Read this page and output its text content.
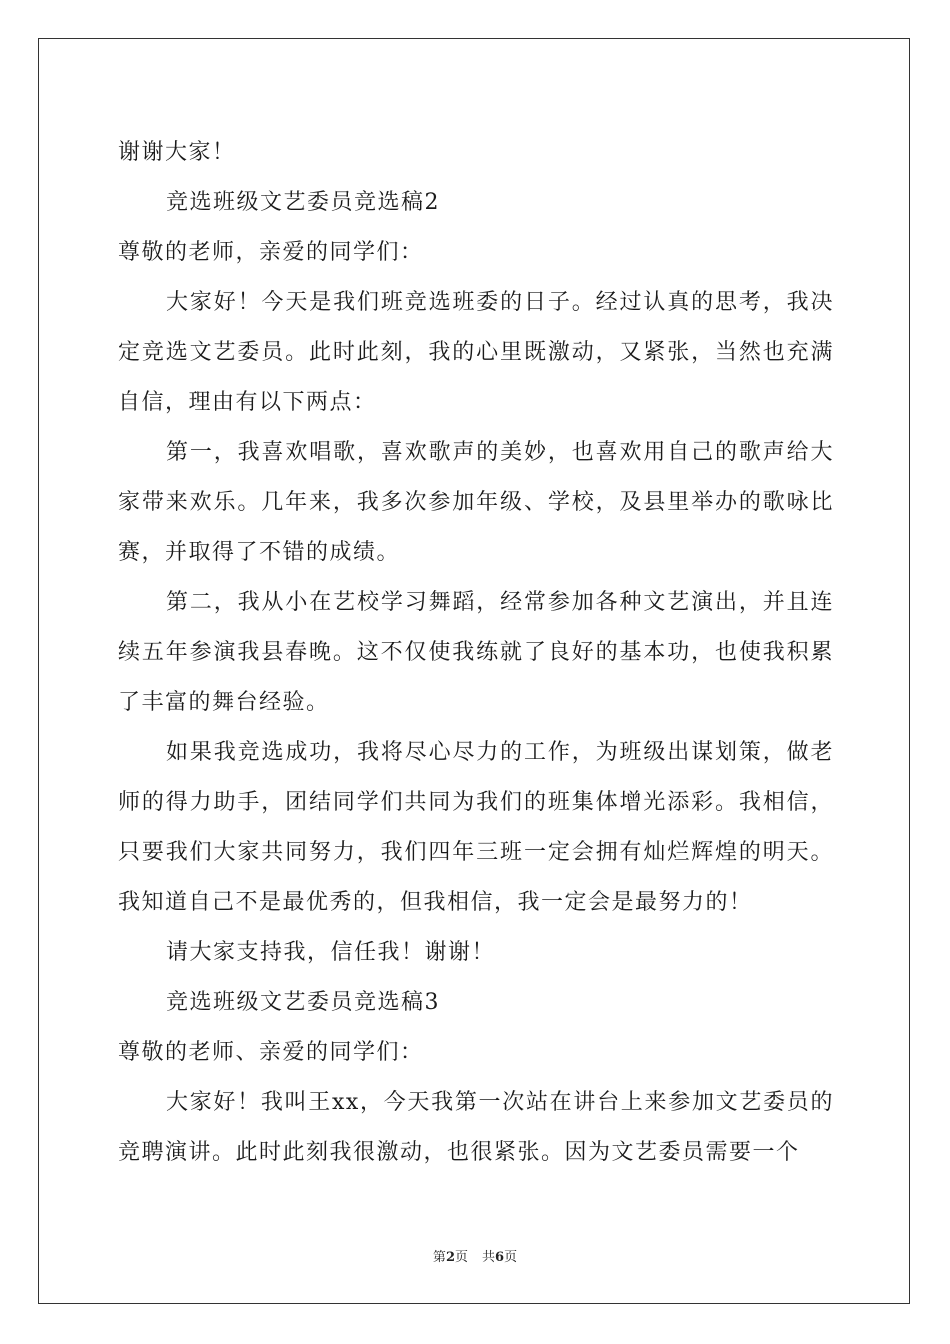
谢谢大家！

竞选班级文艺委员竞选稿2

尊敬的老师，亲爱的同学们：

大家好！今天是我们班竞选班委的日子。经过认真的思考，我决定竞选文艺委员。此时此刻，我的心里既激动，又紧张，当然也充满自信，理由有以下两点：

第一，我喜欢唱歌，喜欢歌声的美妙，也喜欢用自己的歌声给大家带来欢乐。几年来，我多次参加年级、学校，及县里举办的歌咏比赛，并取得了不错的成绩。

第二，我从小在艺校学习舞蹈，经常参加各种文艺演出，并且连续五年参演我县春晚。这不仅使我练就了良好的基本功，也使我积累了丰富的舞台经验。

如果我竞选成功，我将尽心尽力的工作，为班级出谋划策，做老师的得力助手，团结同学们共同为我们的班集体增光添彩。我相信，只要我们大家共同努力，我们四年三班一定会拥有灿烂辉煌的明天。我知道自己不是最优秀的，但我相信，我一定会是最努力的！

请大家支持我，信任我！谢谢！

竞选班级文艺委员竞选稿3

尊敬的老师、亲爱的同学们：

大家好！我叫王xx，今天我第一次站在讲台上来参加文艺委员的竞聘演讲。此时此刻我很激动，也很紧张。因为文艺委员需要一个

第2页 共6页
